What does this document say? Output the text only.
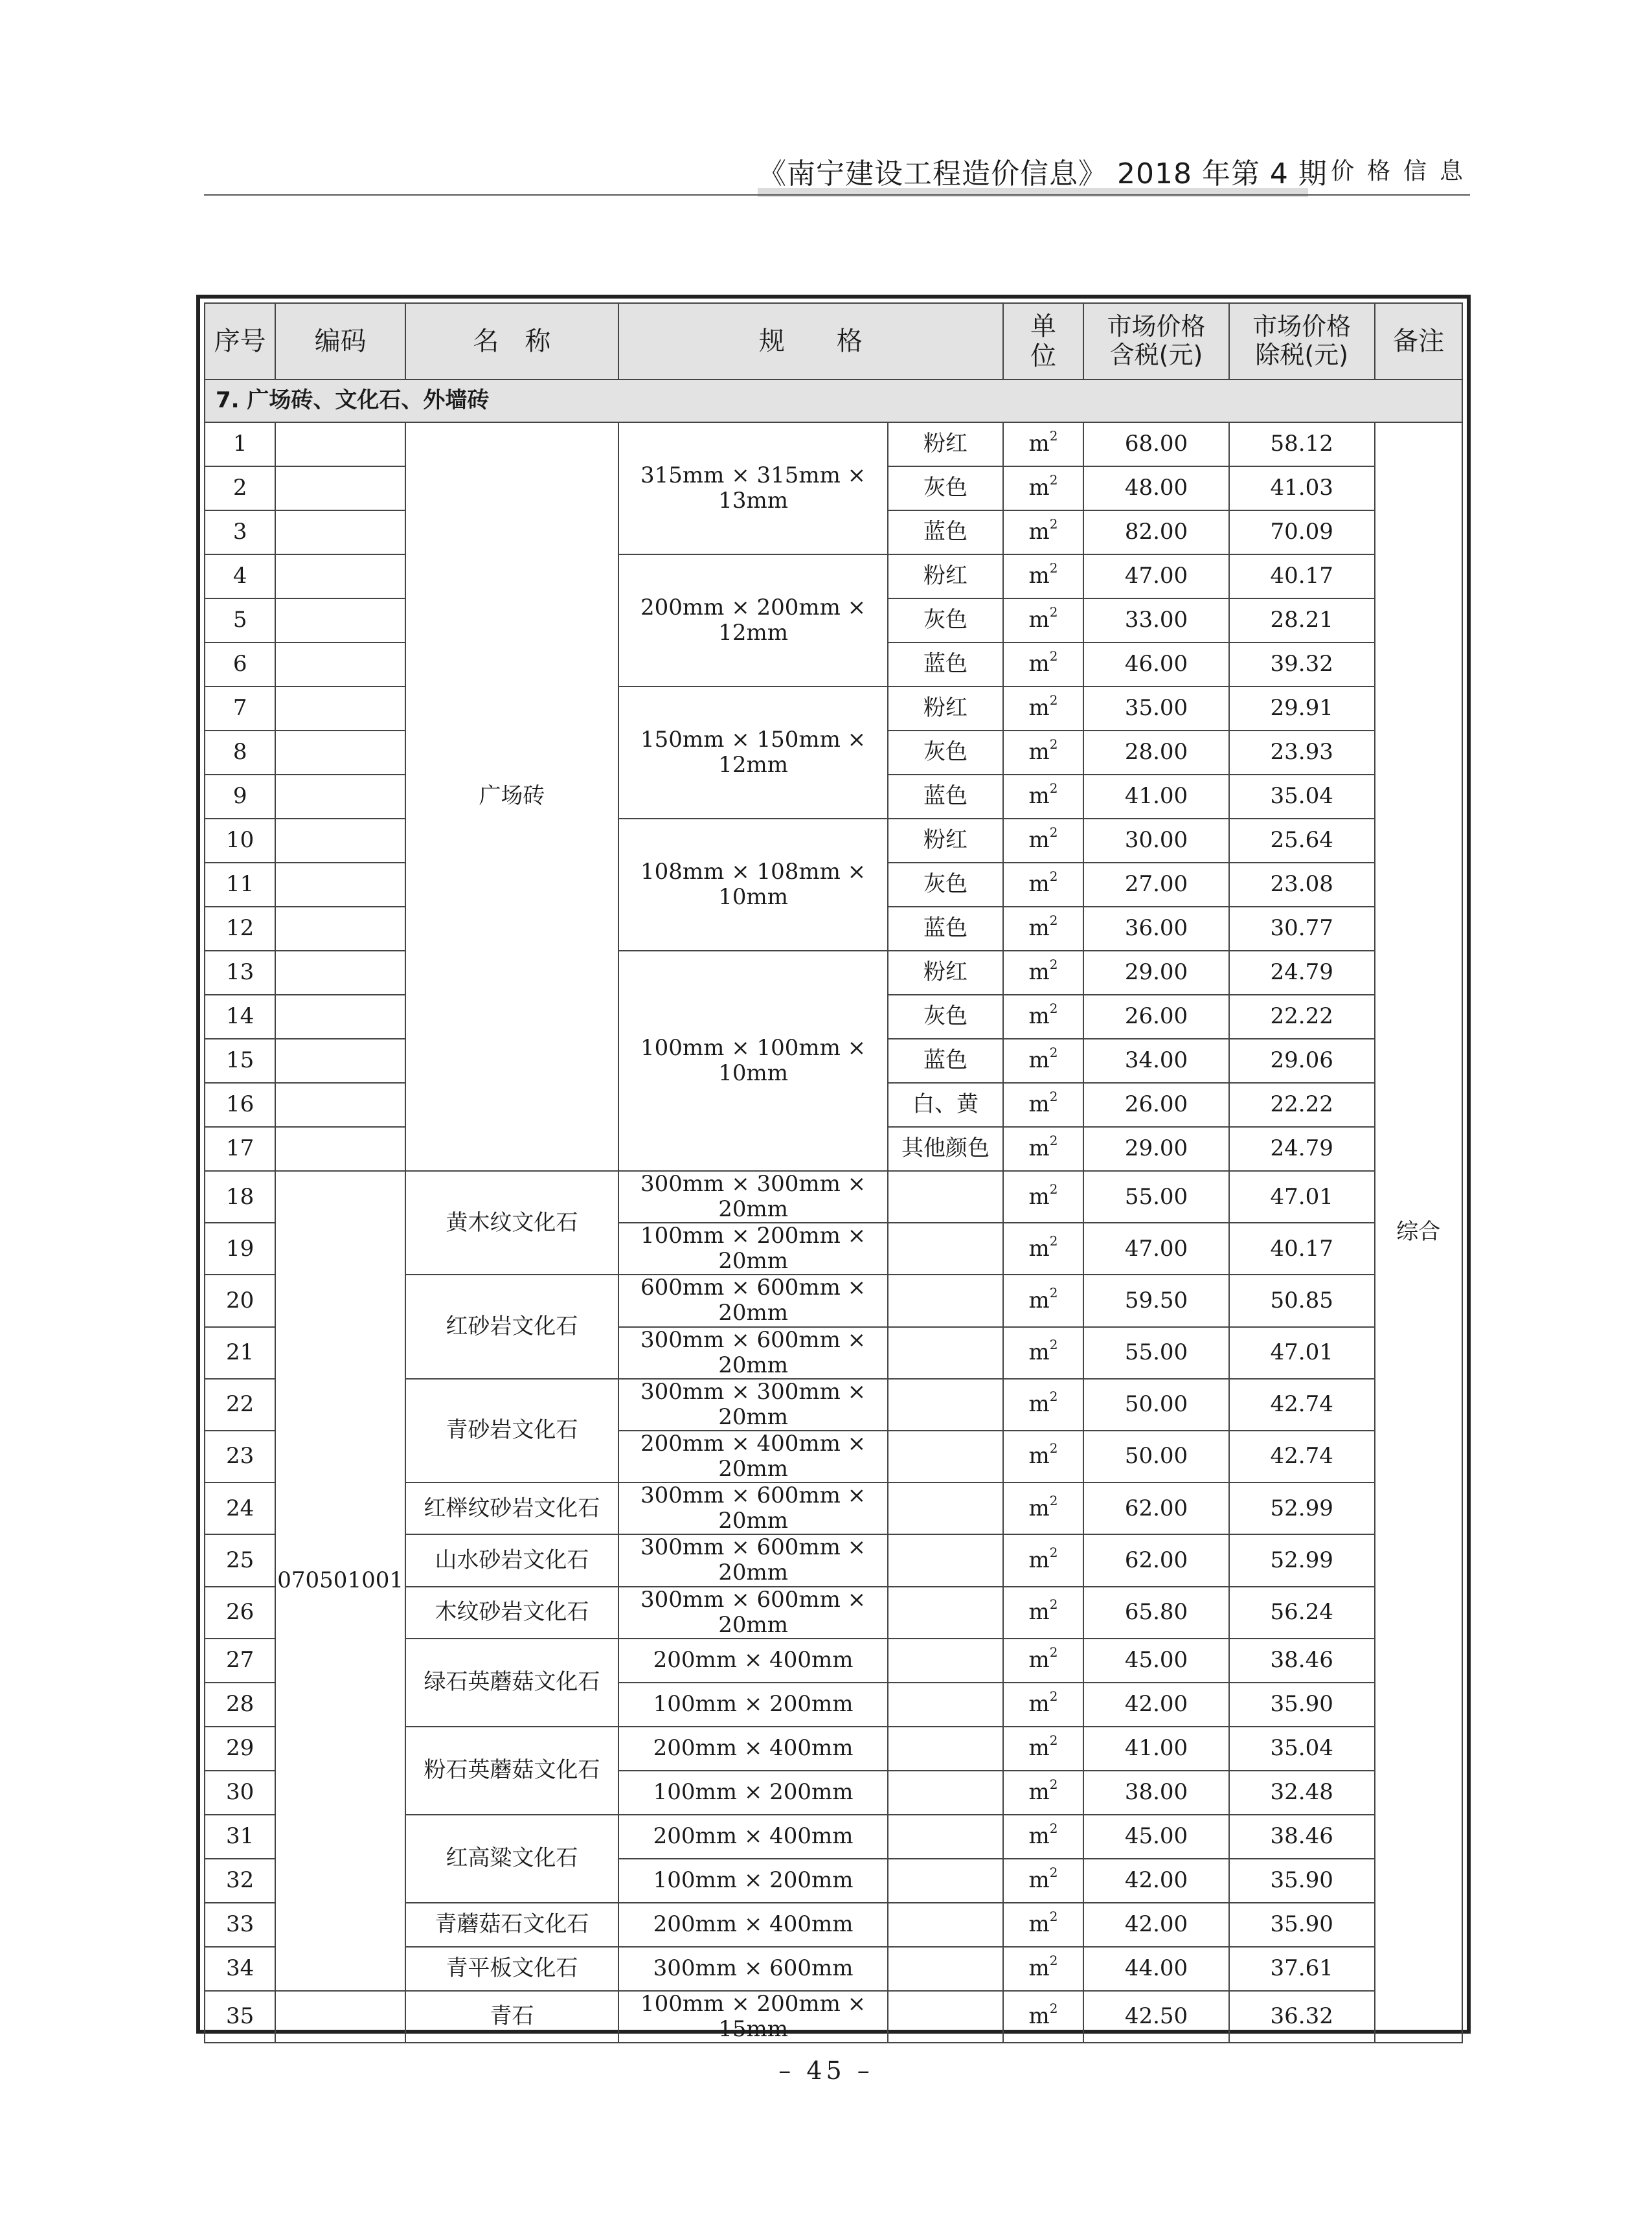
《南宁建设工程造价信息》 2018 年第 4 期 价格信息
序号	编码	名　称	规　　格		单位	市场价格含税(元)	市场价格除税(元)	备注
7. 广场砖、文化石、外墙砖								
1		广场砖	315mm × 315mm × 13mm	粉红	$m^2$	68.00	58.12	综合
2				灰色	$m^2$	48.00	41.03	
3				蓝色	$m^2$	82.00	70.09	
4			200mm × 200mm × 12mm	粉红	$m^2$	47.00	40.17	
5				灰色	$m^2$	33.00	28.21	
6				蓝色	$m^2$	46.00	39.32	
7			150mm × 150mm × 12mm	粉红	$m^2$	35.00	29.91	
8				灰色	$m^2$	28.00	23.93	
9				蓝色	$m^2$	41.00	35.04	
10			108mm × 108mm × 10mm	粉红	$m^2$	30.00	25.64	
11				灰色	$m^2$	27.00	23.08	
12				蓝色	$m^2$	36.00	30.77	
13			100mm × 100mm × 10mm	粉红	$m^2$	29.00	24.79	
14				灰色	$m^2$	26.00	22.22	
15				蓝色	$m^2$	34.00	29.06	
16				白、黄	$m^2$	26.00	22.22	
17				其他颜色	$m^2$	29.00	24.79	
18	070501001	黄木纹文化石	300mm × 300mm × 20mm		$m^2$	55.00	47.01	
19			100mm × 200mm × 20mm		$m^2$	47.00	40.17	
20		红砂岩文化石	600mm × 600mm × 20mm		$m^2$	59.50	50.85	
21			300mm × 600mm × 20mm		$m^2$	55.00	47.01	
22		青砂岩文化石	300mm × 300mm × 20mm		$m^2$	50.00	42.74	
23			200mm × 400mm × 20mm		$m^2$	50.00	42.74	
24		红榉纹砂岩文化石	300mm × 600mm × 20mm		$m^2$	62.00	52.99	
25		山水砂岩文化石	300mm × 600mm × 20mm		$m^2$	62.00	52.99	
26		木纹砂岩文化石	300mm × 600mm × 20mm		$m^2$	65.80	56.24	
27		绿石英蘑菇文化石	200mm × 400mm		$m^2$	45.00	38.46	
28			100mm × 200mm		$m^2$	42.00	35.90	
29		粉石英蘑菇文化石	200mm × 400mm		$m^2$	41.00	35.04	
30			100mm × 200mm		$m^2$	38.00	32.48	
31		红高粱文化石	200mm × 400mm		$m^2$	45.00	38.46	
32			100mm × 200mm		$m^2$	42.00	35.90	
33		青蘑菇石文化石	200mm × 400mm		$m^2$	42.00	35.90	
34		青平板文化石	300mm × 600mm		$m^2$	44.00	37.61	
35		青石	100mm × 200mm × 15mm		$m^2$	42.50	36.32	
– 45 –
